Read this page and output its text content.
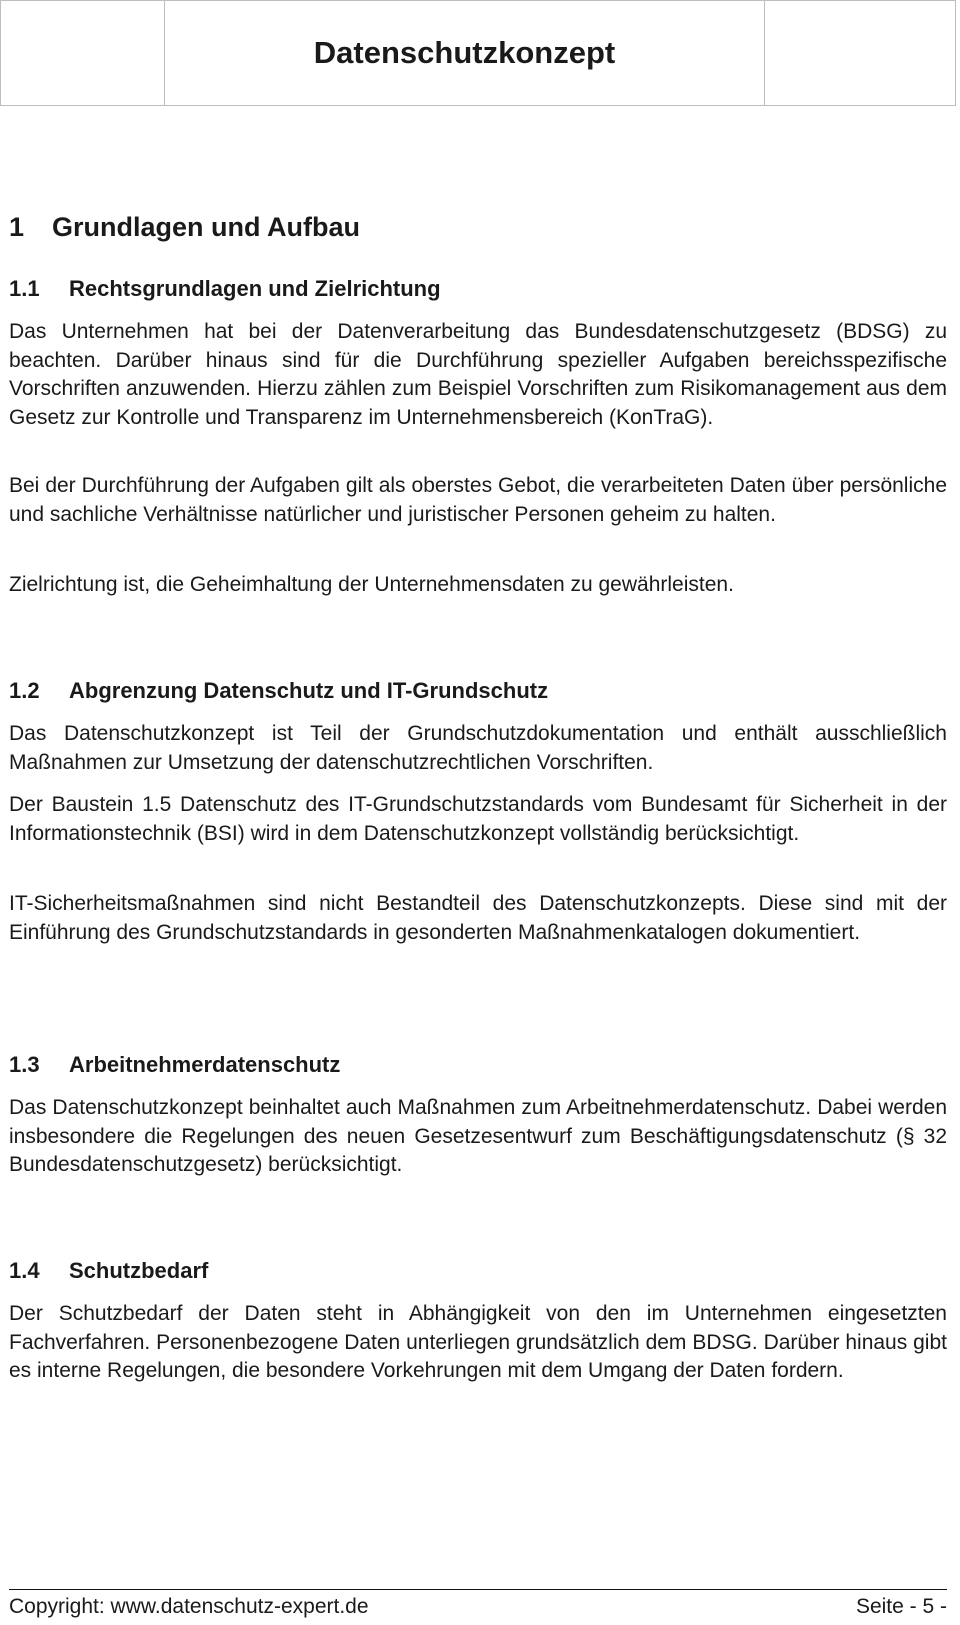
	Datenschutzkonzept	
1 Grundlagen und Aufbau
1.1 Rechtsgrundlagen und Zielrichtung

Das Unternehmen hat bei der Datenverarbeitung das Bundesdatenschutzgesetz (BDSG) zu beachten. Darüber hinaus sind für die Durchführung spezieller Aufgaben bereichsspezifische Vorschriften anzuwenden. Hierzu zählen zum Beispiel Vorschriften zum Risikomanagement aus dem Gesetz zur Kontrolle und Transparenz im Unternehmensbereich (KonTraG).

Bei der Durchführung der Aufgaben gilt als oberstes Gebot, die verarbeiteten Daten über persönliche und sachliche Verhältnisse natürlicher und juristischer Personen geheim zu halten.

Zielrichtung ist, die Geheimhaltung der Unternehmensdaten zu gewährleisten.

1.2 Abgrenzung Datenschutz und IT-Grundschutz

Das Datenschutzkonzept ist Teil der Grundschutzdokumentation und enthält ausschließlich Maßnahmen zur Umsetzung der datenschutzrechtlichen Vorschriften.

Der Baustein 1.5 Datenschutz des IT-Grundschutzstandards vom Bundesamt für Sicherheit in der Informationstechnik (BSI) wird in dem Datenschutzkonzept vollständig berücksichtigt.

IT-Sicherheitsmaßnahmen sind nicht Bestandteil des Datenschutzkonzepts. Diese sind mit der Einführung des Grundschutzstandards in gesonderten Maßnahmenkatalogen dokumentiert.

1.3 Arbeitnehmerdatenschutz

Das Datenschutzkonzept beinhaltet auch Maßnahmen zum Arbeitnehmerdatenschutz. Dabei werden insbesondere die Regelungen des neuen Gesetzesentwurf zum Beschäftigungsdatenschutz (§ 32 Bundesdatenschutzgesetz) berücksichtigt.

1.4 Schutzbedarf

Der Schutzbedarf der Daten steht in Abhängigkeit von den im Unternehmen eingesetzten Fachverfahren. Personenbezogene Daten unterliegen grundsätzlich dem BDSG. Darüber hinaus gibt es interne Regelungen, die besondere Vorkehrungen mit dem Umgang der Daten fordern.

Copyright: www.datenschutz-expert.de	Seite - 5 -
